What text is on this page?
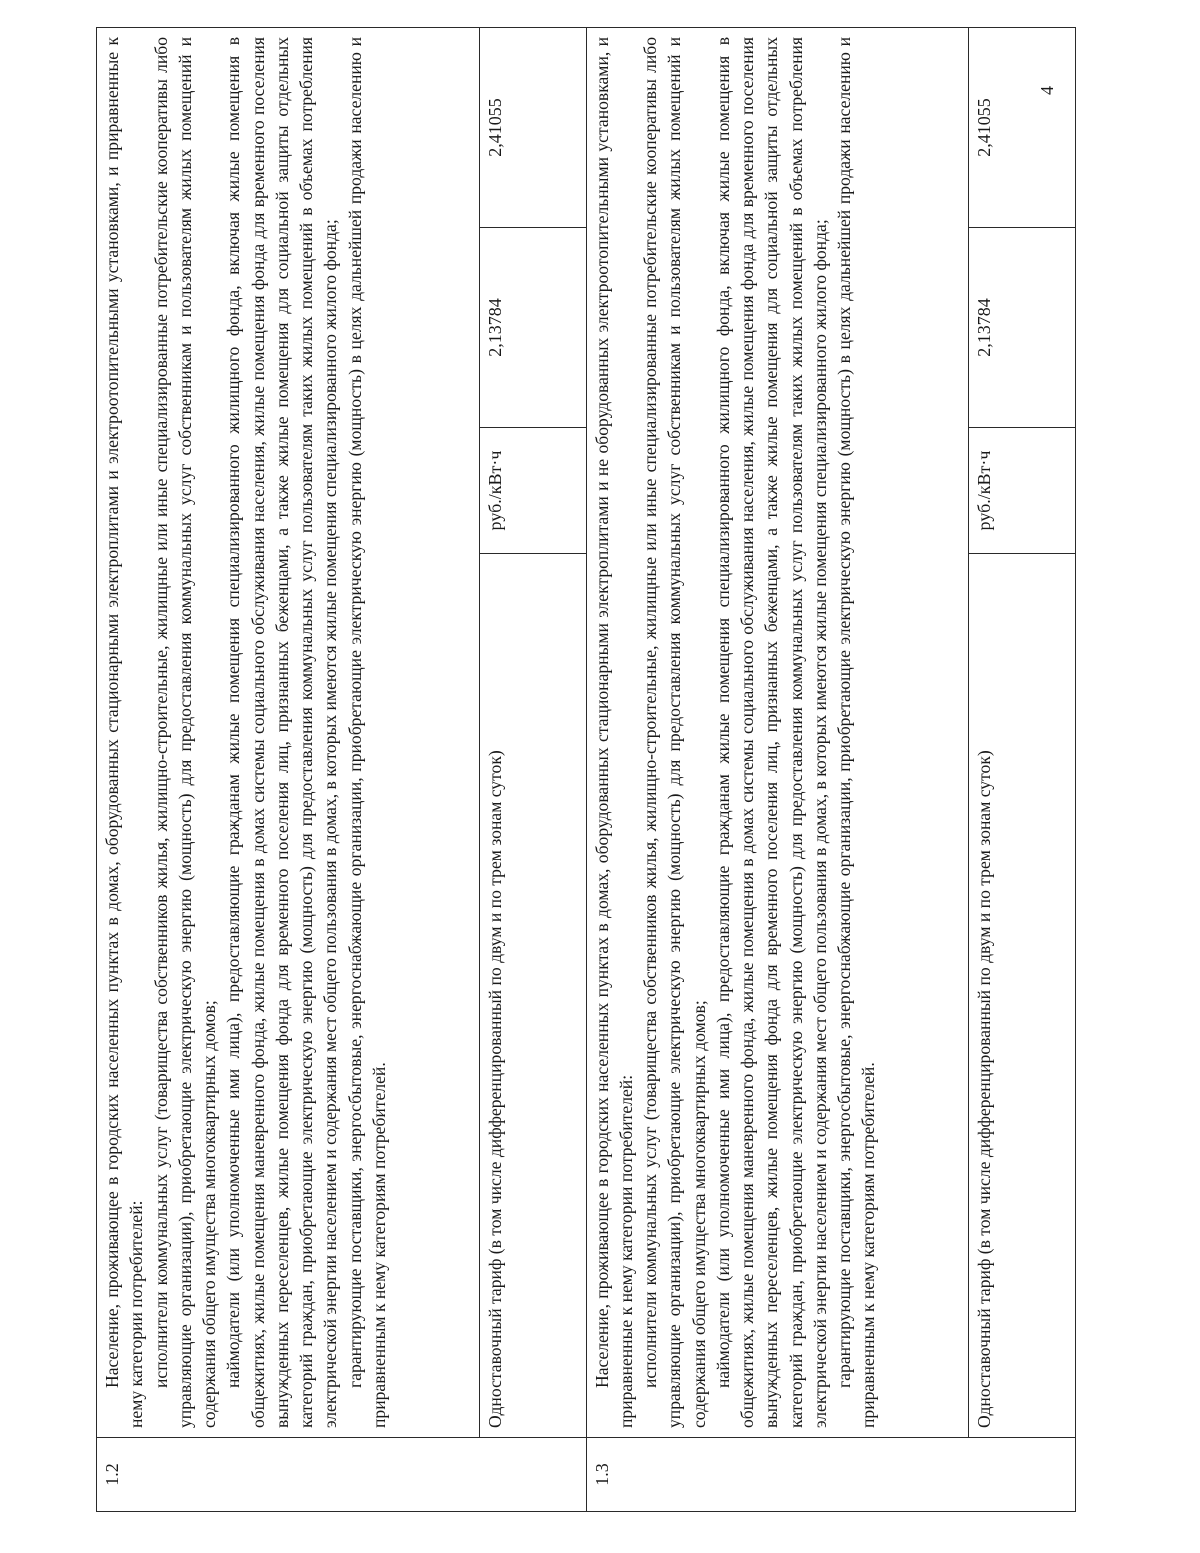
4
1.2	Население, проживающее в городских населенных пунктах в домах, оборудованных стационарными электроплитами и электроотопительными установками, и приравненные к нему категории потребителей: исполнители коммунальных услуг (товарищества собственников жилья, жилищно-строительные, жилищные или иные специализированные потребительские кооперативы либо управляющие организации), приобретающие электрическую энергию (мощность) для предоставления коммунальных услуг собственникам и пользователям жилых помещений и содержания общего имущества многоквартирных домов; наймодатели (или уполномоченные ими лица), предоставляющие гражданам жилые помещения специализированного жилищного фонда, включая жилые помещения в общежитиях, жилые помещения маневренного фонда, жилые помещения в домах системы социального обслуживания населения, жилые помещения фонда для временного поселения вынужденных переселенцев, жилые помещения фонда для временного поселения лиц, признанных беженцами, а также жилые помещения для социальной защиты отдельных категорий граждан, приобретающие электрическую энергию (мощность) для предоставления коммунальных услуг пользователям таких жилых помещений в объемах потребления электрической энергии населением и содержания мест общего пользования в домах, в которых имеются жилые помещения специализированного жилого фонда; гарантирующие поставщики, энергосбытовые, энергоснабжающие организации, приобретающие электрическую энергию (мощность) в целях дальнейшей продажи населению и приравненным к нему категориям потребителей.			

	Одноставочный тариф (в том числе дифференцированный по двум и по трем зонам суток)	руб./кВт·ч	2,13784	2,41055
1.3	Население, проживающее в городских населенных пунктах в домах, оборудованных стационарными электроплитами и не оборудованных электроотопительными установками, и приравненные к нему категории потребителей: исполнители коммунальных услуг (товарищества собственников жилья, жилищно-строительные, жилищные или иные специализированные потребительские кооперативы либо управляющие организации), приобретающие электрическую энергию (мощность) для предоставления коммунальных услуг собственникам и пользователям жилых помещений и содержания общего имущества многоквартирных домов; наймодатели (или уполномоченные ими лица), предоставляющие гражданам жилые помещения специализированного жилищного фонда, включая жилые помещения в общежитиях, жилые помещения маневренного фонда, жилые помещения в домах системы социального обслуживания населения, жилые помещения фонда для временного поселения вынужденных переселенцев, жилые помещения фонда для временного поселения лиц, признанных беженцами, а также жилые помещения для социальной защиты отдельных категорий граждан, приобретающие электрическую энергию (мощность) для предоставления коммунальных услуг пользователям таких жилых помещений в объемах потребления электрической энергии населением и содержания мест общего пользования в домах, в которых имеются жилые помещения специализированного жилого фонда; гарантирующие поставщики, энергосбытовые, энергоснабжающие организации, приобретающие электрическую энергию (мощность) в целях дальнейшей продажи населению и приравненным к нему категориям потребителей.			

	Одноставочный тариф (в том числе дифференцированный по двум и по трем зонам суток)	руб./кВт·ч	2,13784	2,41055
